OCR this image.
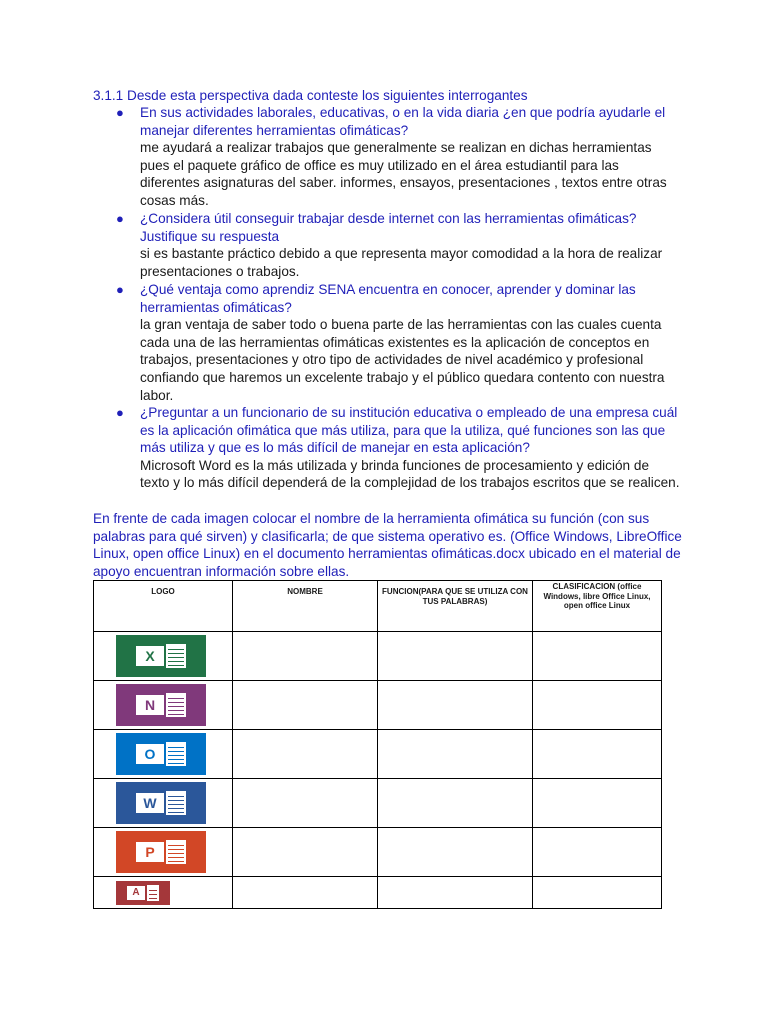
3.1.1 Desde esta perspectiva dada conteste los siguientes interrogantes
●	En sus actividades laborales, educativas, o en la vida diaria ¿en que podría ayudarle el manejar diferentes herramientas ofimáticas?
me ayudará a realizar trabajos que generalmente se realizan en dichas herramientas pues el paquete gráfico de office es muy utilizado en el área estudiantil para las diferentes asignaturas del saber. informes, ensayos, presentaciones , textos entre otras cosas más.
●	¿Considera útil conseguir trabajar desde internet con las herramientas ofimáticas? Justifique su respuesta
si es bastante práctico debido a que representa mayor comodidad a la hora de realizar presentaciones o trabajos.
●	¿Qué ventaja como aprendiz SENA encuentra en conocer, aprender y dominar las herramientas ofimáticas?
la gran ventaja de saber todo o buena parte de las herramientas con las cuales cuenta cada una de las herramientas ofimáticas existentes es la aplicación de conceptos en trabajos, presentaciones y otro tipo de actividades de nivel académico y profesional confiando que haremos un excelente trabajo y el público quedara contento con nuestra labor.
●	¿Preguntar a un funcionario de su institución educativa o empleado de una empresa cuál es la aplicación ofimática que más utiliza, para que la utiliza, qué funciones son las que más utiliza y que es lo más difícil de manejar en esta aplicación?
Microsoft Word es la más utilizada y brinda funciones de procesamiento y edición de texto y lo más difícil dependerá de la complejidad de los trabajos escritos que se realicen.
En frente de cada imagen colocar el nombre de la herramienta ofimática su función (con sus palabras para qué sirven) y clasificarla; de que sistema operativo es. (Office Windows, LibreOffice Linux, open office Linux) en el documento herramientas ofimáticas.docx ubicado en el material de apoyo encuentran información sobre ellas.
LOGO	NOMBRE	FUNCION(PARA QUE SE UTILIZA CON TUS PALABRAS)	CLASIFICACION (office Windows, libre Office Linux, open office Linux

X			

N			

O			

W			

P			

A			
